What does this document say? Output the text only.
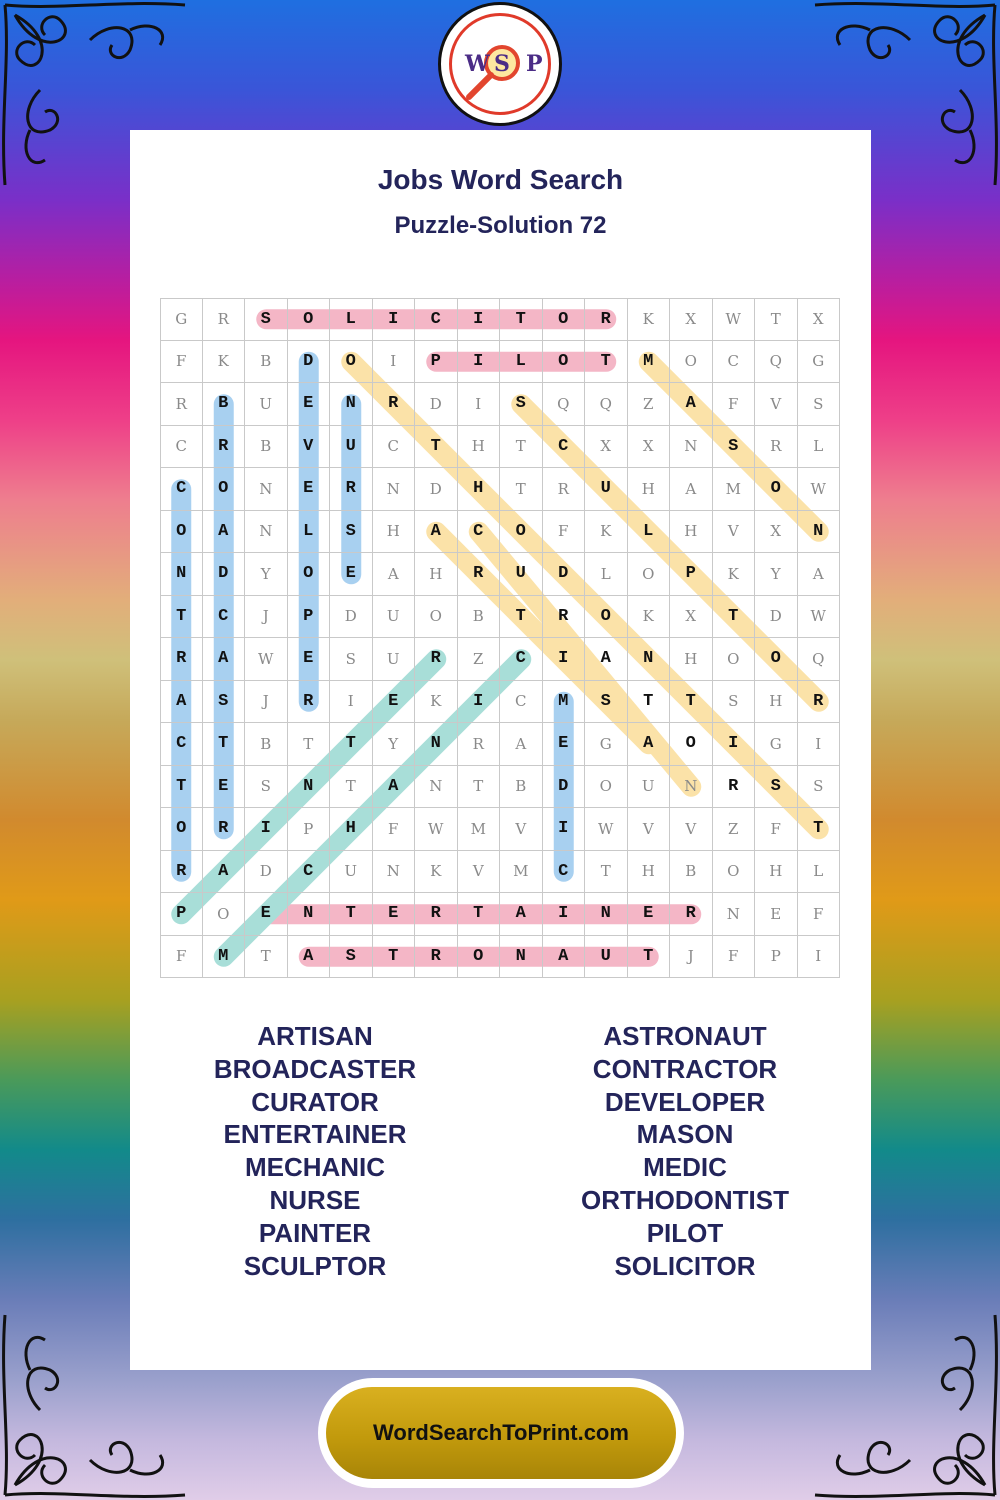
W S P
Jobs Word Search
Puzzle-Solution 72
G	R	S	O	L	I	C	I	T	O	R	K	X	W	T	X
F	K	B	D	O	I	P	I	L	O	T	M	O	C	Q	G
R	B	U	E	N	R	D	I	S	Q	Q	Z	A	F	V	S
C	R	B	V	U	C	T	H	T	C	X	X	N	S	R	L
C	O	N	E	R	N	D	H	T	R	U	H	A	M	O	W
O	A	N	L	S	H	A	C	O	F	K	L	H	V	X	N
N	D	Y	O	E	A	H	R	U	D	L	O	P	K	Y	A
T	C	J	P	D	U	O	B	T	R	O	K	X	T	D	W
R	A	W	E	S	U	R	Z	C	I	A	N	H	O	O	Q
A	S	J	R	I	E	K	I	C	M	S	T	T	S	H	R
C	T	B	T	T	Y	N	R	A	E	G	A	O	I	G	I
T	E	S	N	T	A	N	T	B	D	O	U	N	R	S	S
O	R	I	P	H	F	W	M	V	I	W	V	V	Z	F	T
R	A	D	C	U	N	K	V	M	C	T	H	B	O	H	L
P	O	E	N	T	E	R	T	A	I	N	E	R	N	E	F
F	M	T	A	S	T	R	O	N	A	U	T	J	F	P	I
ARTISAN
BROADCASTER
CURATOR
ENTERTAINER
MECHANIC
NURSE
PAINTER
SCULPTOR
ASTRONAUT
CONTRACTOR
DEVELOPER
MASON
MEDIC
ORTHODONTIST
PILOT
SOLICITOR
WordSearchToPrint.com
